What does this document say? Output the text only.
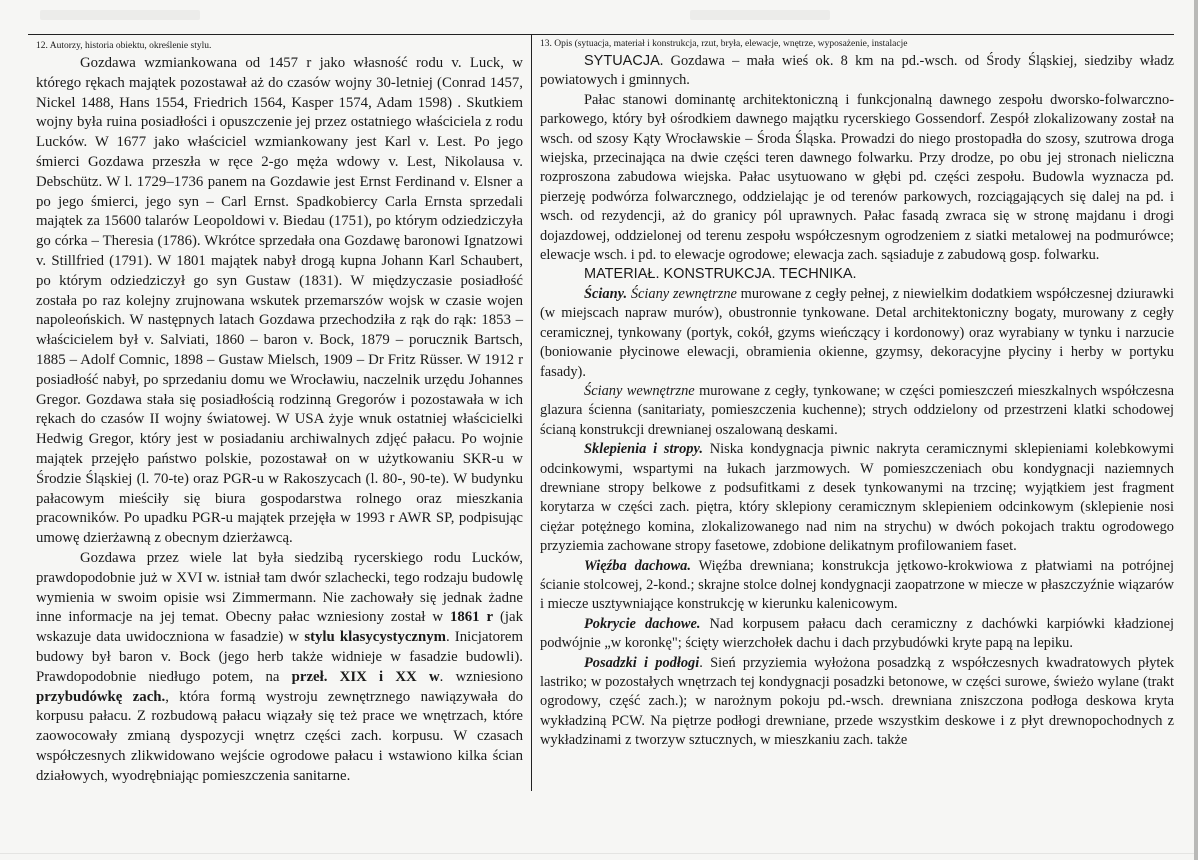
12. Autorzy, historia obiektu, określenie stylu.

Gozdawa wzmiankowana od 1457 r jako własność rodu v. Luck, w którego rękach majątek pozostawał aż do czasów wojny 30-letniej (Conrad 1457, Nickel 1488, Hans 1554, Friedrich 1564, Kasper 1574, Adam 1598) . Skutkiem wojny była ruina posiadłości i opuszczenie jej przez ostatniego właściciela z rodu Lucków. W 1677 jako właściciel wzmiankowany jest Karl v. Lest. Po jego śmierci Gozdawa przeszła w ręce 2-go męża wdowy v. Lest, Nikolausa v. Debschütz. W l. 1729–1736 panem na Gozdawie jest Ernst Ferdinand v. Elsner a po jego śmierci, jego syn – Carl Ernst. Spadkobiercy Carla Ernsta sprzedali majątek za 15600 talarów Leopoldowi v. Biedau (1751), po którym odziedziczyła go córka – Theresia (1786). Wkrótce sprzedała ona Gozdawę baronowi Ignatzowi v. Stillfried (1791). W 1801 majątek nabył drogą kupna Johann Karl Schaubert, po którym odziedziczył go syn Gustaw (1831). W międzyczasie posiadłość została po raz kolejny zrujnowana wskutek przemarszów wojsk w czasie wojen napoleońskich. W następnych latach Gozdawa przechodziła z rąk do rąk: 1853 – właścicielem był v. Salviati, 1860 – baron v. Bock, 1879 – porucznik Bartsch, 1885 – Adolf Comnic, 1898 – Gustaw Mielsch, 1909 – Dr Fritz Rüsser. W 1912 r posiadłość nabył, po sprzedaniu domu we Wrocławiu, naczelnik urzędu Johannes Gregor. Gozdawa stała się posiadłością rodzinną Gregorów i pozostawała w ich rękach do czasów II wojny światowej. W USA żyje wnuk ostatniej właścicielki Hedwig Gregor, który jest w posiadaniu archiwalnych zdjęć pałacu. Po wojnie majątek przejęło państwo polskie, pozostawał on w użytkowaniu SKR-u w Środzie Śląskiej (l. 70-te) oraz PGR-u w Rakoszycach (l. 80-, 90-te). W budynku pałacowym mieściły się biura gospodarstwa rolnego oraz mieszkania pracowników. Po upadku PGR-u majątek przejęła w 1993 r AWR SP, podpisując umowę dzierżawną z obecnym dzierżawcą.

Gozdawa przez wiele lat była siedzibą rycerskiego rodu Lucków, prawdopodobnie już w XVI w. istniał tam dwór szlachecki, tego rodzaju budowlę wymienia w swoim opisie wsi Zimmermann. Nie zachowały się jednak żadne inne informacje na jej temat. Obecny pałac wzniesiony został w 1861 r (jak wskazuje data uwidoczniona w fasadzie) w stylu klasycystycznym. Inicjatorem budowy był baron v. Bock (jego herb także widnieje w fasadzie budowli). Prawdopodobnie niedługo potem, na przeł. XIX i XX w. wzniesiono przybudówkę zach., która formą wystroju zewnętrznego nawiązywała do korpusu pałacu. Z rozbudową pałacu wiązały się też prace we wnętrzach, które zaowocowały zmianą dyspozycji wnętrz części zach. korpusu. W czasach współczesnych zlikwidowano wejście ogrodowe pałacu i wstawiono kilka ścian działowych, wyodrębniając pomieszczenia sanitarne.

13. Opis (sytuacja, materiał i konstrukcja, rzut, bryła, elewacje, wnętrze, wyposażenie, instalacje

SYTUACJA. Gozdawa – mała wieś ok. 8 km na pd.-wsch. od Środy Śląskiej, siedziby władz powiatowych i gminnych.

Pałac stanowi dominantę architektoniczną i funkcjonalną dawnego zespołu dworsko-folwarczno-parkowego, który był ośrodkiem dawnego majątku rycerskiego Gossendorf. Zespół zlokalizowany został na wsch. od szosy Kąty Wrocławskie – Środa Śląska. Prowadzi do niego prostopadła do szosy, szutrowa droga wiejska, przecinająca na dwie części teren dawnego folwarku. Przy drodze, po obu jej stronach nieliczna rozproszona zabudowa wiejska. Pałac usytuowano w głębi pd. części zespołu. Budowla wyznacza pd. pierzeję podwórza folwarcznego, oddzielając je od terenów parkowych, rozciągających się dalej na pd. i wsch. od rezydencji, aż do granicy pól uprawnych. Pałac fasadą zwraca się w stronę majdanu i drogi dojazdowej, oddzielonej od terenu zespołu współczesnym ogrodzeniem z siatki metalowej na podmurówce; elewacje wsch. i pd. to elewacje ogrodowe; elewacja zach. sąsiaduje z zabudową gosp. folwarku.

MATERIAŁ. KONSTRUKCJA. TECHNIKA.

Ściany. Ściany zewnętrzne murowane z cegły pełnej, z niewielkim dodatkiem współczesnej dziurawki (w miejscach napraw murów), obustronnie tynkowane. Detal architektoniczny bogaty, murowany z cegły ceramicznej, tynkowany (portyk, cokół, gzyms wieńczący i kordonowy) oraz wyrabiany w tynku i narzucie (boniowanie płycinowe elewacji, obramienia okienne, gzymsy, dekoracyjne płyciny i herby w portyku fasady).

Ściany wewnętrzne murowane z cegły, tynkowane; w części pomieszczeń mieszkalnych współczesna glazura ścienna (sanitariaty, pomieszczenia kuchenne); strych oddzielony od przestrzeni klatki schodowej ścianą konstrukcji drewnianej oszalowaną deskami.

Sklepienia i stropy. Niska kondygnacja piwnic nakryta ceramicznymi sklepieniami kolebkowymi odcinkowymi, wspartymi na łukach jarzmowych. W pomieszczeniach obu kondygnacji naziemnych drewniane stropy belkowe z podsufitkami z desek tynkowanymi na trzcinę; wyjątkiem jest fragment korytarza w części zach. piętra, który sklepiony ceramicznym sklepieniem odcinkowym (sklepienie nosi ciężar potężnego komina, zlokalizowanego nad nim na strychu) w dwóch pokojach traktu ogrodowego przyziemia zachowane stropy fasetowe, zdobione delikatnym profilowaniem faset.

Więźba dachowa. Więźba drewniana; konstrukcja jętkowo-krokwiowa z płatwiami na potrójnej ścianie stolcowej, 2-kond.; skrajne stolce dolnej kondygnacji zaopatrzone w miecze w płaszczyźnie wiązarów i miecze usztywniające konstrukcję w kierunku kalenicowym.

Pokrycie dachowe. Nad korpusem pałacu dach ceramiczny z dachówki karpiówki kładzionej podwójnie „w koronkę"; ścięty wierzchołek dachu i dach przybudówki kryte papą na lepiku.

Posadzki i podłogi. Sień przyziemia wyłożona posadzką z współczesnych kwadratowych płytek lastriko; w pozostałych wnętrzach tej kondygnacji posadzki betonowe, w części surowe, świeżo wylane (trakt ogrodowy, część zach.); w narożnym pokoju pd.-wsch. drewniana zniszczona podłoga deskowa kryta wykładziną PCW. Na piętrze podłogi drewniane, przede wszystkim deskowe i z płyt drewnopochodnych z wykładzinami z tworzyw sztucznych, w mieszkaniu zach. także
